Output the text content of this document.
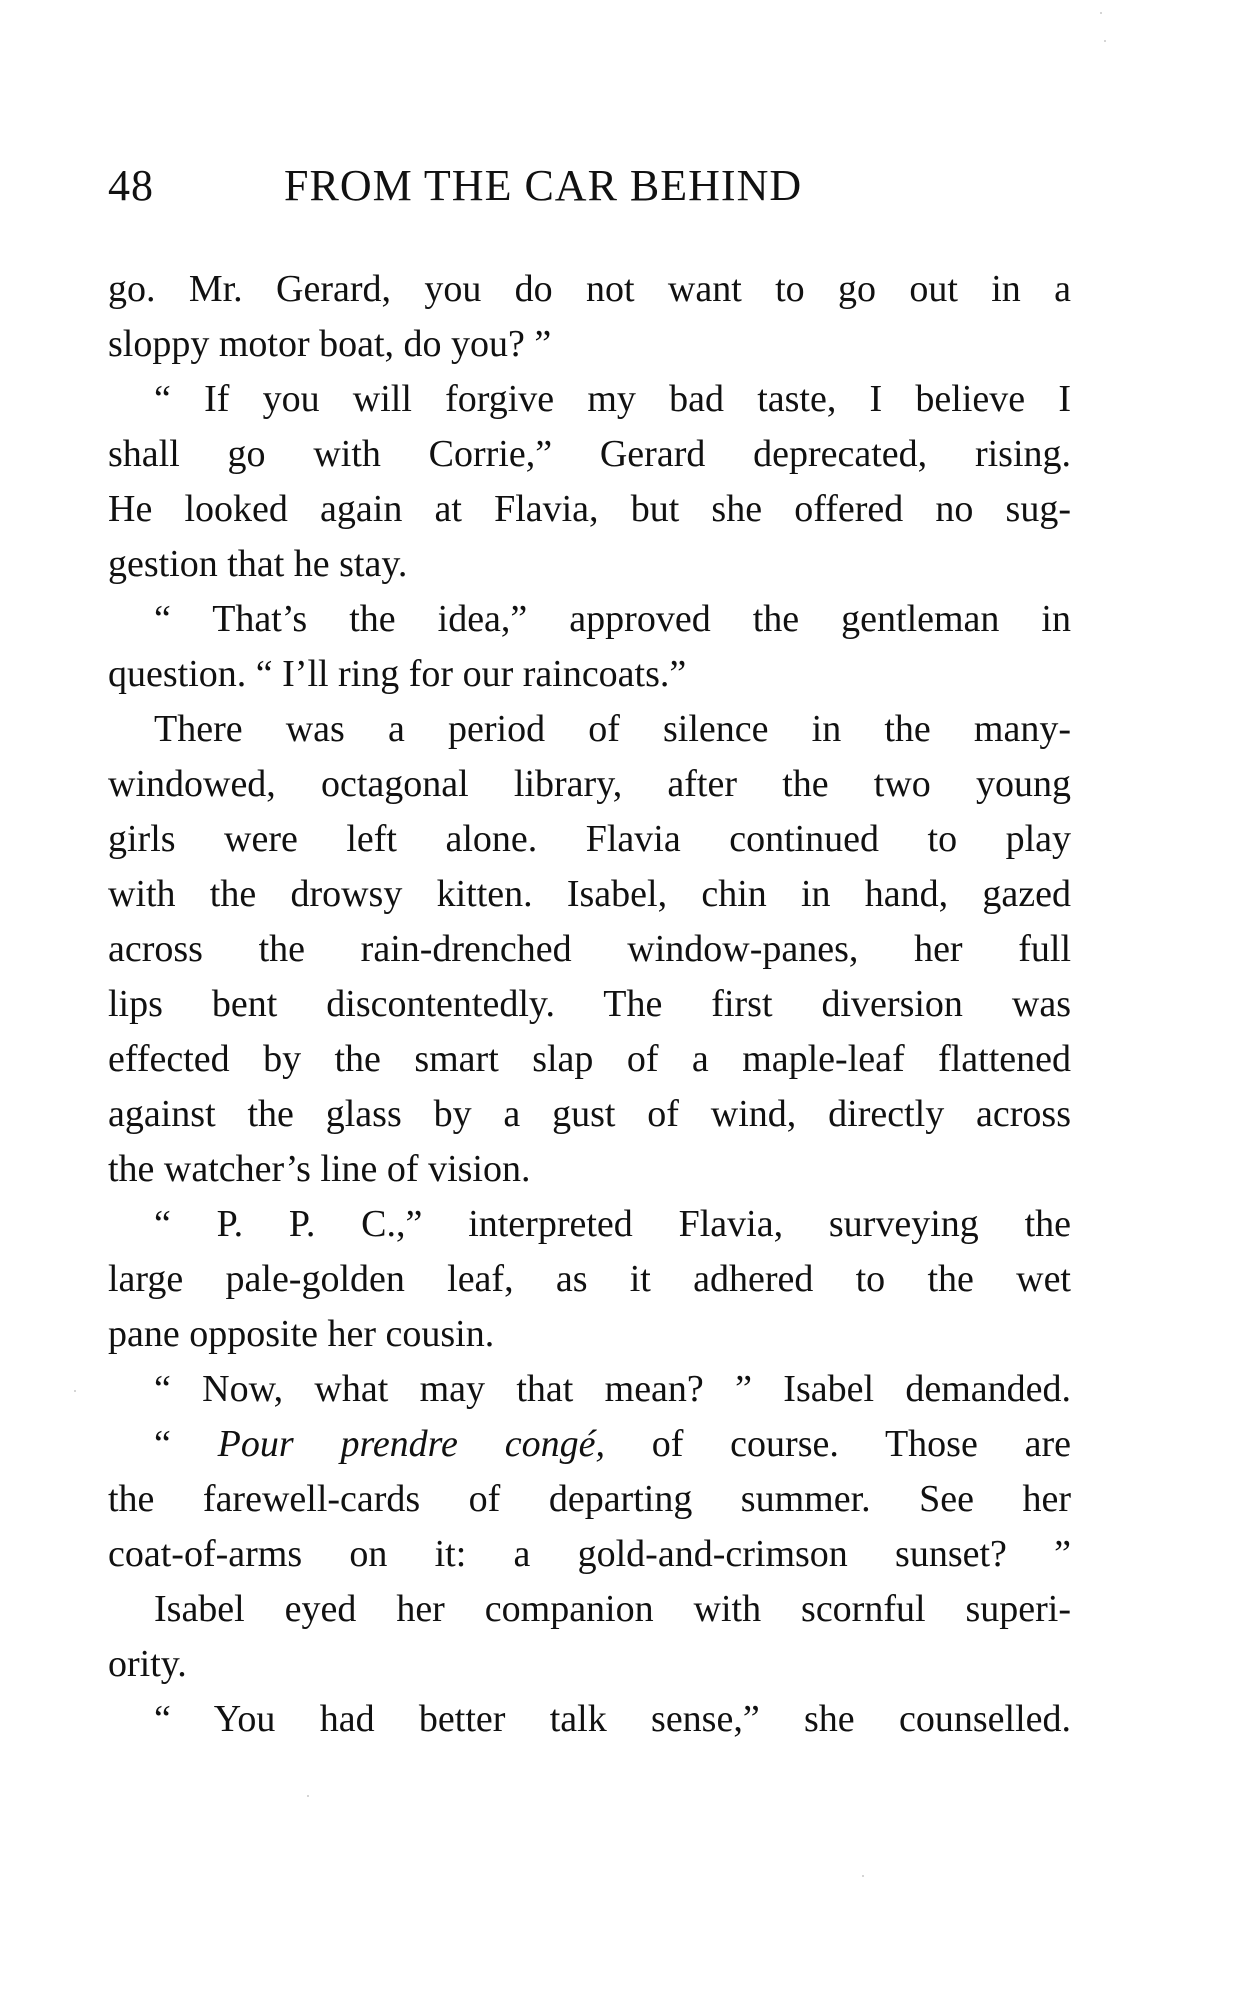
48	FROM THE CAR BEHIND
go. Mr. Gerard, you do not want to go out in a
sloppy motor boat, do you? ”
“ If you will forgive my bad taste, I believe I
shall go with Corrie,” Gerard deprecated, rising.
He looked again at Flavia, but she offered no sug-
gestion that he stay.
“ That’s the idea,” approved the gentleman in
question. “ I’ll ring for our raincoats.”
There was a period of silence in the many-
windowed, octagonal library, after the two young
girls were left alone. Flavia continued to play
with the drowsy kitten. Isabel, chin in hand, gazed
across the rain-drenched window-panes, her full
lips bent discontentedly. The first diversion was
effected by the smart slap of a maple-leaf flattened
against the glass by a gust of wind, directly across
the watcher’s line of vision.
“ P. P. C.,” interpreted Flavia, surveying the
large pale-golden leaf, as it adhered to the wet
pane opposite her cousin.
“ Now, what may that mean? ” Isabel demanded.
“ Pour prendre congé, of course. Those are
the farewell-cards of departing summer. See her
coat-of-arms on it: a gold-and-crimson sunset? ”
Isabel eyed her companion with scornful superi-
ority.
“ You had better talk sense,” she counselled.
